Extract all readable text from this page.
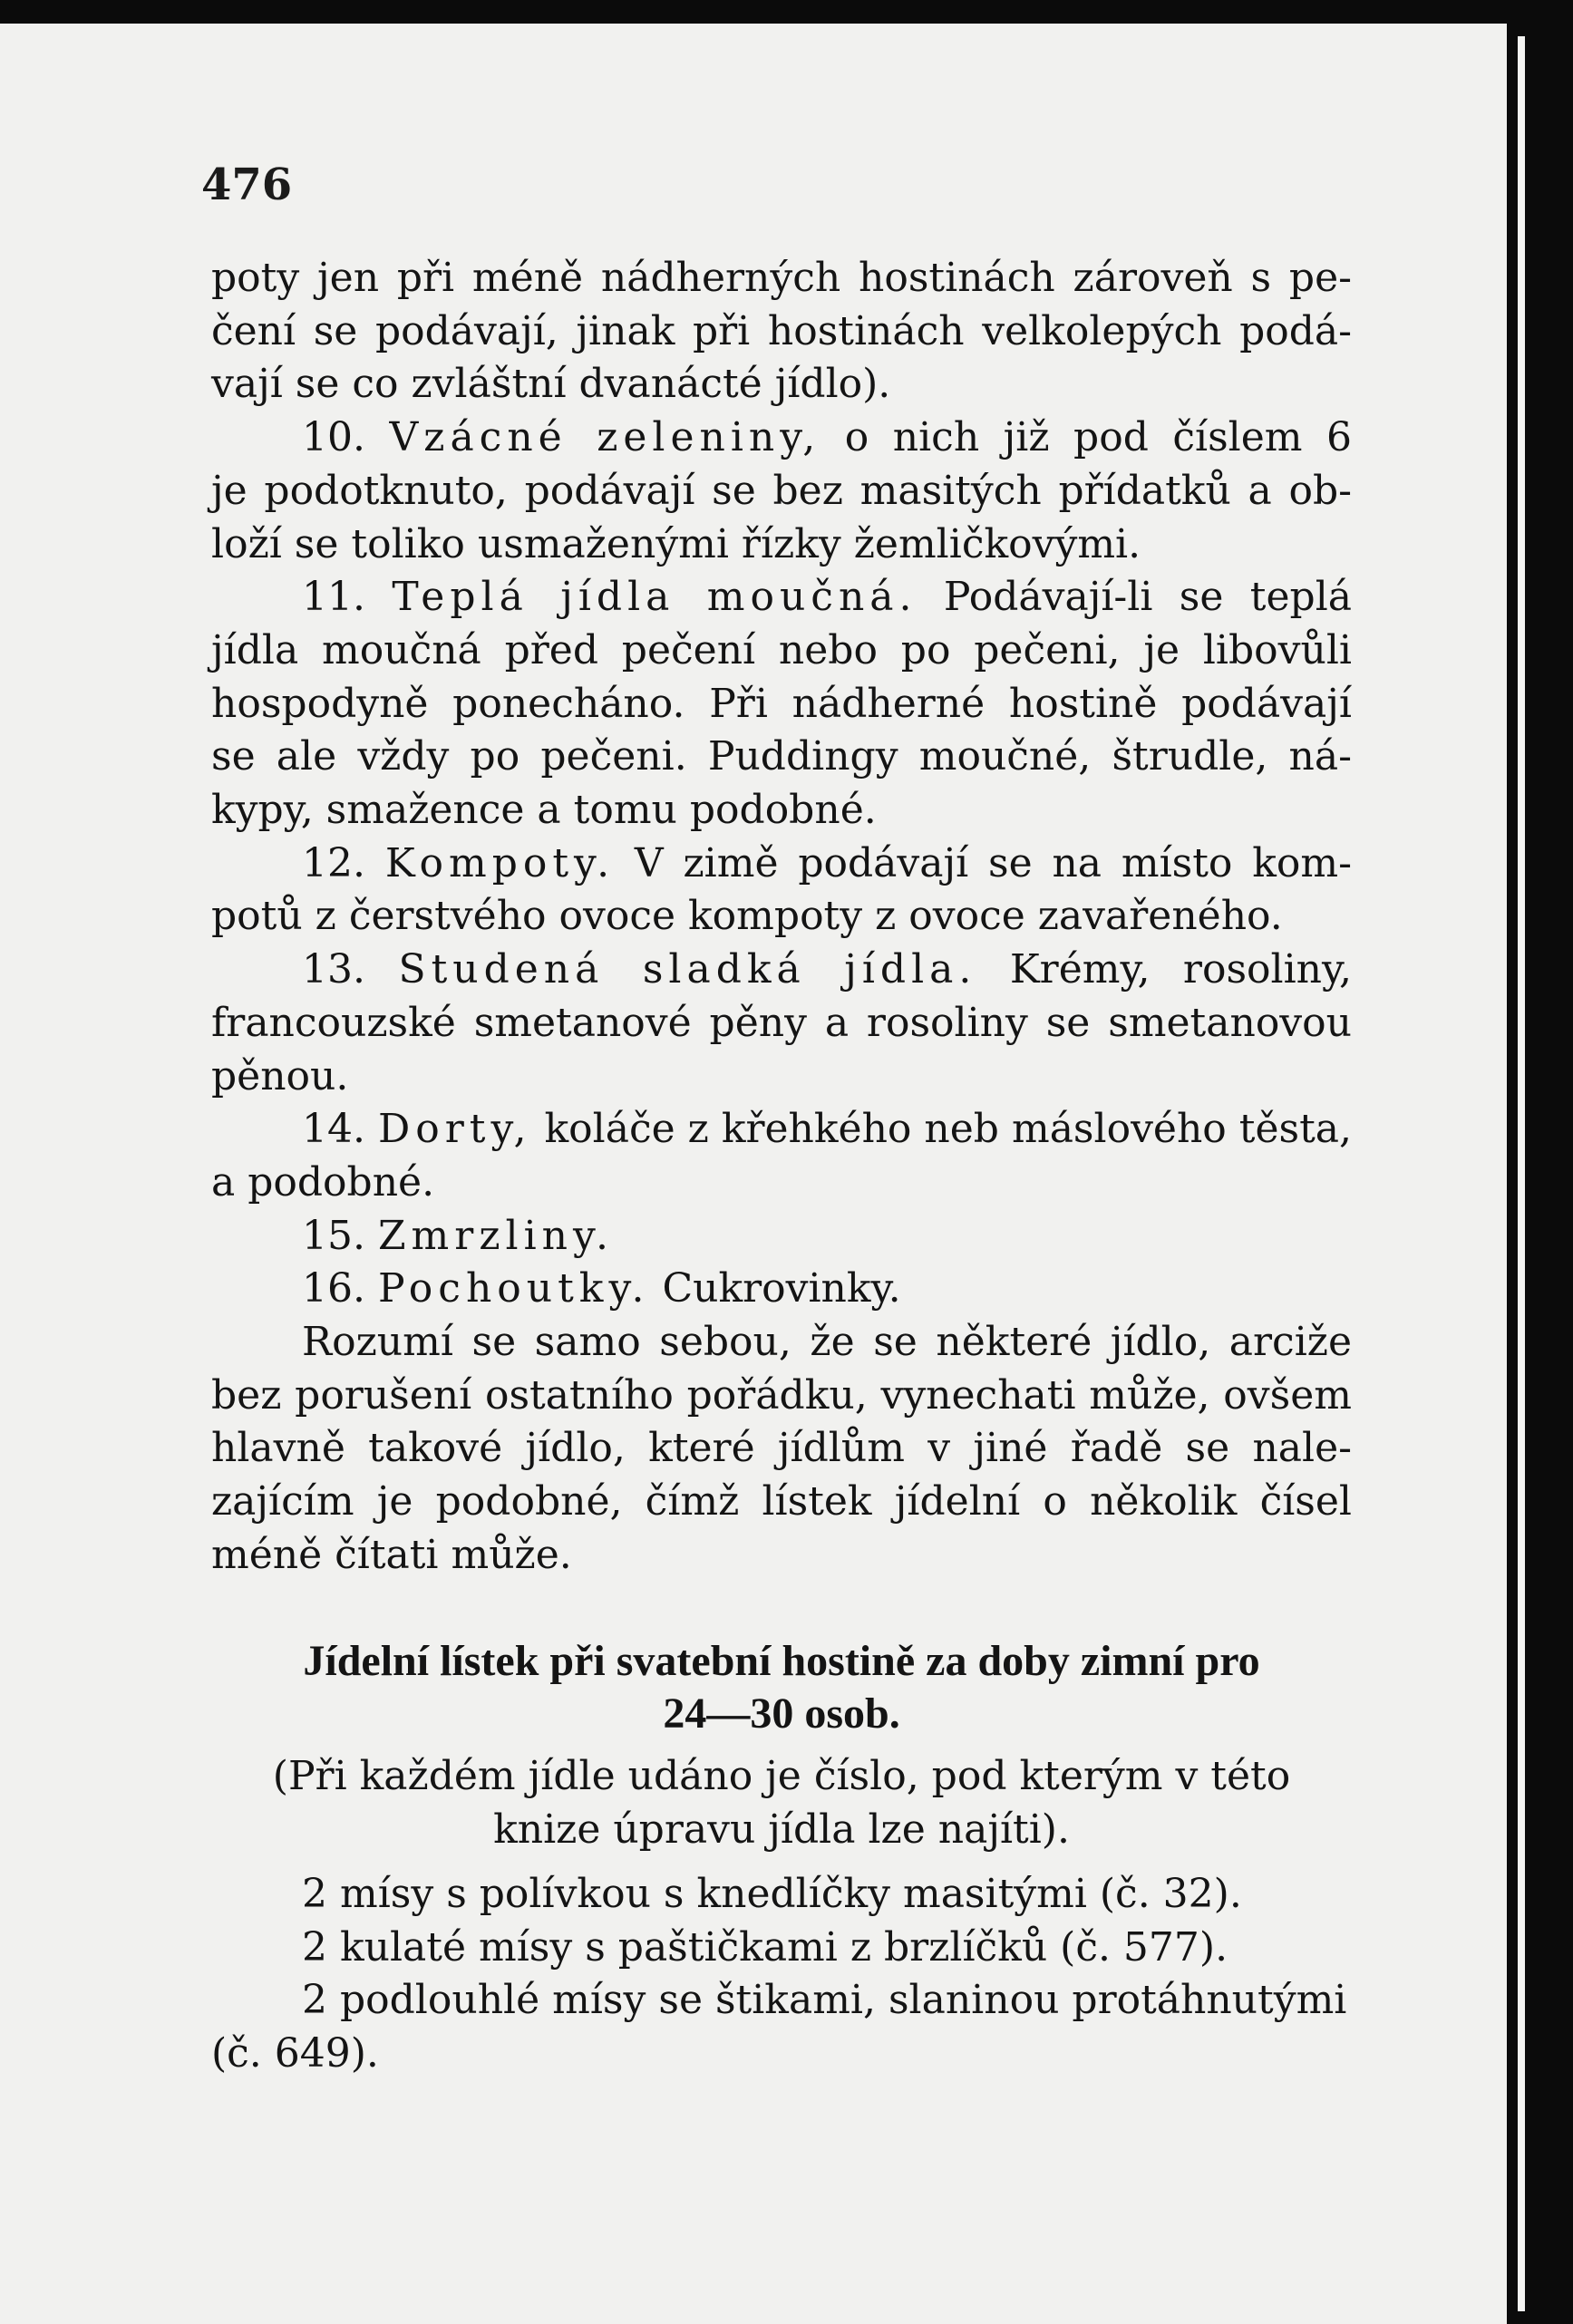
476

poty jen při méně nádherných hostinách zároveň s pe-

čení se podávají, jinak při hostinách velkolepých podá-

vají se co zvláštní dvanácté jídlo).

10. Vzácné zeleniny, o nich již pod číslem 6

je podotknuto, podávají se bez masitých přídatků a ob-

loží se toliko usmaženými řízky žemličkovými.

11. Teplá jídla moučná. Podávají-li se teplá

jídla moučná před pečení nebo po pečeni, je libovůli

hospodyně ponecháno. Při nádherné hostině podávají

se ale vždy po pečeni. Puddingy moučné, štrudle, ná-

kypy, smažence a tomu podobné.

12. Kompoty. V zimě podávají se na místo kom-

potů z čerstvého ovoce kompoty z ovoce zavařeného.

13. Studená sladká jídla. Krémy, rosoliny,

francouzské smetanové pěny a rosoliny se smetanovou

pěnou.

14. Dorty, koláče z křehkého neb máslového těsta,

a podobné.

15. Zmrzliny.

16. Pochoutky. Cukrovinky.

Rozumí se samo sebou, že se některé jídlo, arciže

bez porušení ostatního pořádku, vynechati může, ovšem

hlavně takové jídlo, které jídlům v jiné řadě se nale-

zajícím je podobné, čímž lístek jídelní o několik čísel

méně čítati může.

Jídelní lístek při svatební hostině za doby zimní pro
24—30 osob.
(Při každém jídle udáno je číslo, pod kterým v této
knize úpravu jídla lze najíti).

2 mísy s polívkou s knedlíčky masitými (č. 32).

2 kulaté mísy s paštičkami z brzlíčků (č. 577).

2 podlouhlé mísy se štikami, slaninou protáhnutými

(č. 649).
